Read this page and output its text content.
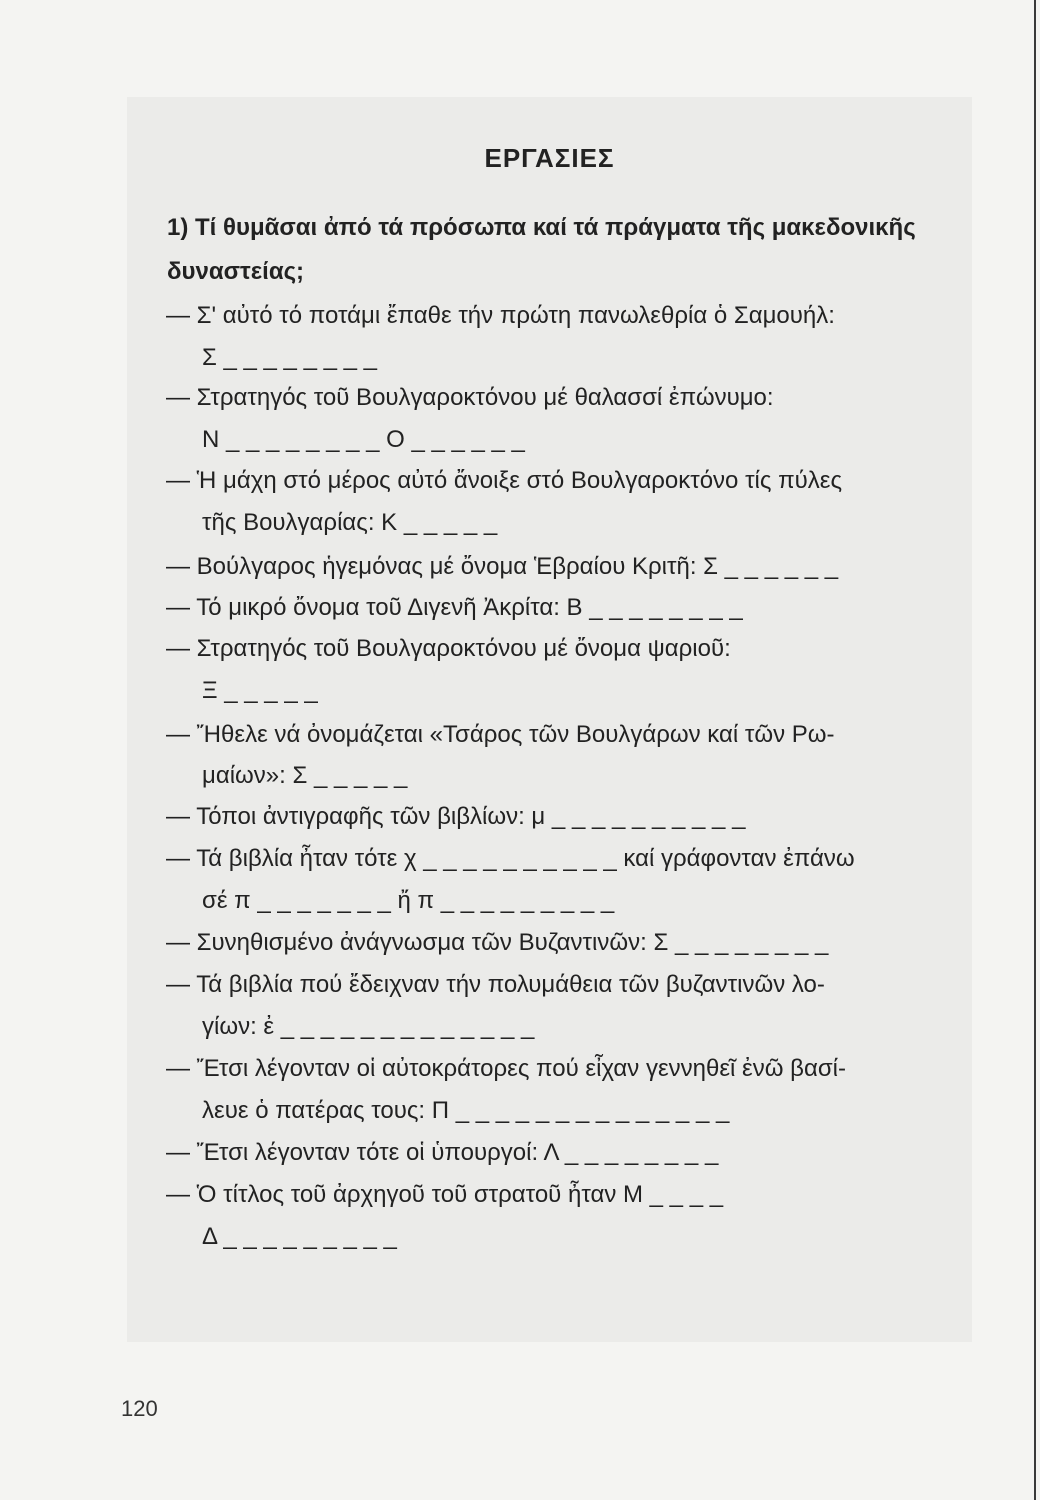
ΕΡΓΑΣΙΕΣ
1) Τί θυμᾶσαι ἀπό τά πρόσωπα καί τά πράγματα τῆς μακεδονικῆς
δυναστείας;
— Σ' αὐτό τό ποτάμι ἔπαθε τήν πρώτη πανωλεθρία ὁ Σαμουήλ:
Σ _ _ _ _ _ _ _ _
— Στρατηγός τοῦ Βουλγαροκτόνου μέ θαλασσί ἐπώνυμο:
Ν _ _ _ _ _ _ _ _ Ο _ _ _ _ _ _
— Ἡ μάχη στό μέρος αὐτό ἄνοιξε στό Βουλγαροκτόνο τίς πύλες
τῆς Βουλγαρίας: Κ _ _ _ _ _
— Βούλγαρος ἡγεμόνας μέ ὄνομα Ἑβραίου Κριτῆ: Σ _ _ _ _ _ _
— Τό μικρό ὄνομα τοῦ Διγενῆ Ἀκρίτα: Β _ _ _ _ _ _ _ _
— Στρατηγός τοῦ Βουλγαροκτόνου μέ ὄνομα ψαριοῦ:
Ξ _ _ _ _ _
— Ἤθελε νά ὀνομάζεται «Τσάρος τῶν Βουλγάρων καί τῶν Ρω-
μαίων»: Σ _ _ _ _ _
— Τόποι ἀντιγραφῆς τῶν βιβλίων: μ _ _ _ _ _ _ _ _ _ _
— Τά βιβλία ἦταν τότε χ _ _ _ _ _ _ _ _ _ _ καί γράφονταν ἐπάνω
σέ π _ _ _ _ _ _ _ ἤ π _ _ _ _ _ _ _ _ _
— Συνηθισμένο ἀνάγνωσμα τῶν Βυζαντινῶν: Σ _ _ _ _ _ _ _ _
— Τά βιβλία πού ἔδειχναν τήν πολυμάθεια τῶν βυζαντινῶν λο-
γίων: ἐ _ _ _ _ _ _ _ _ _ _ _ _ _
— Ἔτσι λέγονταν οἱ αὐτοκράτορες πού εἶχαν γεννηθεῖ ἐνῶ βασί-
λευε ὁ πατέρας τους: Π _ _ _ _ _ _ _ _ _ _ _ _ _ _
— Ἔτσι λέγονταν τότε οἱ ὑπουργοί: Λ _ _ _ _ _ _ _ _
— Ὁ τίτλος τοῦ ἀρχηγοῦ τοῦ στρατοῦ ἦταν Μ _ _ _ _
Δ _ _ _ _ _ _ _ _ _
120
